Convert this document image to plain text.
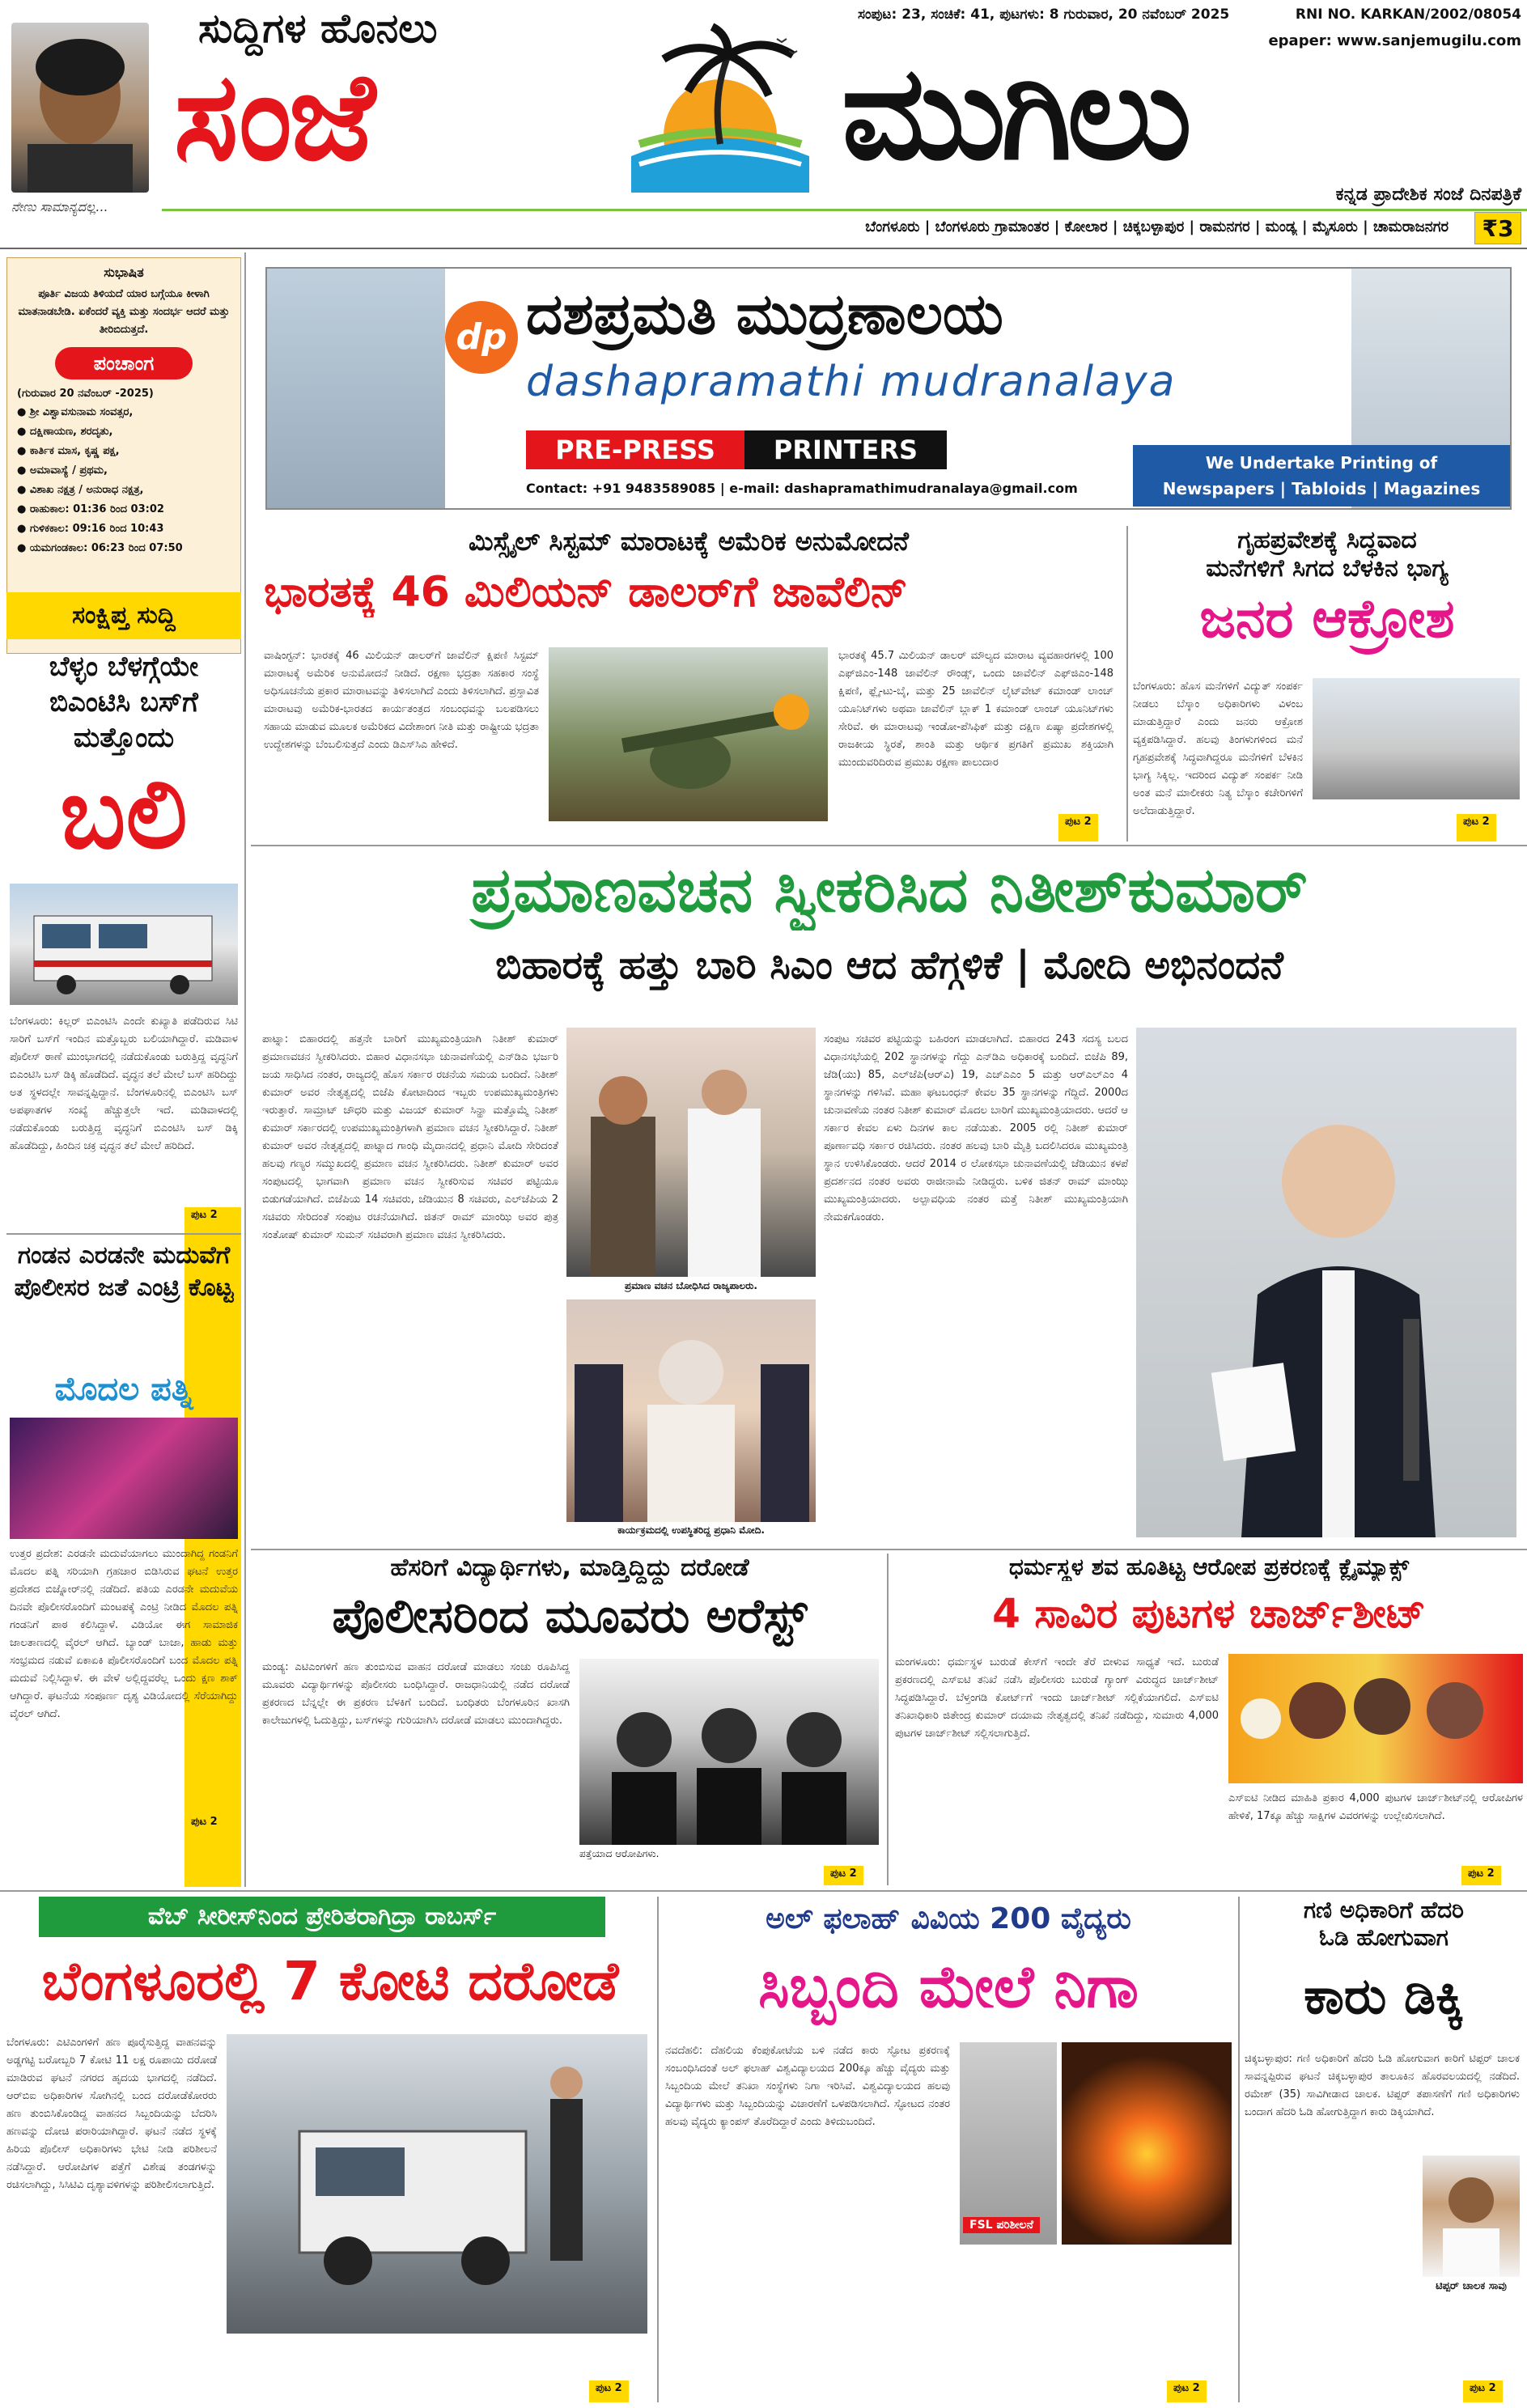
ನೇಣು ಸಾಮಾನ್ಯದಲ್ಲ...
ಸುದ್ದಿಗಳ ಹೊನಲು
ಸಂಜೆ	ಮುಗಿಲು
ಸಂಪುಟ: 23, ಸಂಚಿಕೆ: 41, ಪುಟಗಳು: 8 ಗುರುವಾರ, 20 ನವೆಂಬರ್ 2025	RNI NO. KARKAN/2002/08054
epaper: www.sanjemugilu.com
ಕನ್ನಡ ಪ್ರಾದೇಶಿಕ ಸಂಜೆ ದಿನಪತ್ರಿಕೆ
ಬೆಂಗಳೂರು | ಬೆಂಗಳೂರು ಗ್ರಾಮಾಂತರ | ಕೋಲಾರ | ಚಿಕ್ಕಬಳ್ಳಾಪುರ | ರಾಮನಗರ | ಮಂಡ್ಯ | ಮೈಸೂರು | ಚಾಮರಾಜನಗರ	₹3
ಸುಭಾಷಿತ
ಪೂರ್ತಿ ವಿಜಯ ತಿಳಿಯದೆ ಯಾರ ಬಗ್ಗೆಯೂ ಕೀಳಾಗಿ ಮಾತನಾಡಬೇಡಿ. ಏಕೆಂದರೆ ವ್ಯಕ್ತಿ ಮತ್ತು ಸಂದರ್ಭ ಆದರೆ ಮತ್ತು ತೀರಿಬಿದುತ್ತದೆ.
ಪಂಚಾಂಗ
(ಗುರುವಾರ 20 ನವೆಂಬರ್ -2025)
● ಶ್ರೀ ವಿಶ್ವಾವಸುನಾಮ ಸಂವತ್ಸರ,
● ದಕ್ಷಿಣಾಯಣ, ಶರದೃತು,
● ಕಾರ್ತಿಕ ಮಾಸ, ಕೃಷ್ಣ ಪಕ್ಷ,
● ಅಮಾವಾಸ್ಯೆ / ಪ್ರಥಮ,
● ವಿಶಾಖ ನಕ್ಷತ್ರ / ಅನುರಾಧ ನಕ್ಷತ್ರ,
● ರಾಹುಕಾಲ: 01:36 ರಿಂದ 03:02
● ಗುಳಿಕಕಾಲ: 09:16 ರಿಂದ 10:43
● ಯಮಗಂಡಕಾಲ: 06:23 ರಿಂದ 07:50
ಸಂಕ್ಷಿಪ್ತ ಸುದ್ದಿ
ಬೆಳ್ಳಂ ಬೆಳಗ್ಗೆಯೇ ಬಿಎಂಟಿಸಿ ಬಸ್‌ಗೆ ಮತ್ತೊಂದು
ಬಲಿ
ಬೆಂಗಳೂರು: ಕಿಲ್ಲರ್ ಬಿಎಂಟಿಸಿ ಎಂದೇ ಕುಖ್ಯಾತಿ ಪಡೆದಿರುವ ಸಿಟಿ ಸಾರಿಗೆ ಬಸ್‌ಗೆ ಇಂದಿನ ಮತ್ತೊಬ್ಬರು ಬಲಿಯಾಗಿದ್ದಾರೆ. ಮಡಿವಾಳ ಪೊಲೀಸ್ ಠಾಣೆ ಮುಂಭಾಗದಲ್ಲಿ ನಡೆದುಕೊಂಡು ಬರುತ್ತಿದ್ದ ವೃದ್ಧನಿಗೆ ಬಿಎಂಟಿಸಿ ಬಸ್ ಡಿಕ್ಕಿ ಹೊಡೆದಿದೆ. ವೃದ್ಧನ ತಲೆ ಮೇಲೆ ಬಸ್ ಹರಿದಿದ್ದು ಅತ ಸ್ಥಳದಲ್ಲೇ ಸಾವನ್ನಪ್ಪಿದ್ದಾನೆ. ಬೆಂಗಳೂರಿನಲ್ಲಿ ಬಿಎಂಟಿಸಿ ಬಸ್ ಅಪಘಾತಗಳ ಸಂಖ್ಯೆ ಹೆಚ್ಚುತ್ತಲೇ ಇದೆ. ಮಡಿವಾಳದಲ್ಲಿ ನಡೆದುಕೊಂಡು ಬರುತ್ತಿದ್ದ ವೃದ್ಧನಿಗೆ ಬಿಎಂಟಿಸಿ ಬಸ್ ಡಿಕ್ಕಿ ಹೊಡೆದಿದ್ದು, ಹಿಂದಿನ ಚಕ್ರ ವೃದ್ಧನ ತಲೆ ಮೇಲೆ ಹರಿದಿದೆ.
ಪುಟ 2
ಗಂಡನ ಎರಡನೇ ಮದುವೆಗೆ ಪೊಲೀಸರ ಜತೆ ಎಂಟ್ರಿ ಕೊಟ್ಟ
ಮೊದಲ ಪತ್ನಿ
ಉತ್ತರ ಪ್ರದೇಶ: ಎರಡನೇ ಮದುವೆಯಾಗಲು ಮುಂದಾಗಿದ್ದ ಗಂಡನಿಗೆ ಮೊದಲ ಪತ್ನಿ ಸರಿಯಾಗಿ ಗ್ರಹಚಾರ ಬಿಡಿಸಿರುವ ಘಟನೆ ಉತ್ತರ ಪ್ರದೇಶದ ಬಿಜ್ನೋರ್‌ನಲ್ಲಿ ನಡೆದಿದೆ. ಪತಿಯ ಎರಡನೇ ಮದುವೆಯ ದಿನವೇ ಪೊಲೀಸರೊಂದಿಗೆ ಮಂಟಪಕ್ಕೆ ಎಂಟ್ರಿ ನೀಡಿದ ಮೊದಲ ಪತ್ನಿ ಗಂಡನಿಗೆ ಪಾಠ ಕಲಿಸಿದ್ದಾಳೆ. ವಿಡಿಯೋ ಈಗ ಸಾಮಾಜಿಕ ಜಾಲತಾಣದಲ್ಲಿ ವೈರಲ್ ಆಗಿದೆ. ಬ್ಯಾಂಡ್ ಬಾಜಾ, ಹಾಡು ಮತ್ತು ಸಂಭ್ರಮದ ನಡುವೆ ಏಕಾಏಕಿ ಪೊಲೀಸರೊಂದಿಗೆ ಬಂದ ಮೊದಲ ಪತ್ನಿ ಮದುವೆ ನಿಲ್ಲಿಸಿದ್ದಾಳೆ. ಈ ವೇಳೆ ಅಲ್ಲಿದ್ದವರೆಲ್ಲ ಒಂದು ಕ್ಷಣ ಶಾಕ್ ಆಗಿದ್ದಾರೆ. ಘಟನೆಯ ಸಂಪೂರ್ಣ ದೃಶ್ಯ ವಿಡಿಯೋದಲ್ಲಿ ಸೆರೆಯಾಗಿದ್ದು ವೈರಲ್ ಆಗಿದೆ.
ಪುಟ 2
dp ದಶಪ್ರಮತಿ ಮುದ್ರಣಾಲಯ
dashapramathi mudranalaya
PRE-PRESS	PRINTERS	We Undertake Printing of
Newspapers | Tabloids | Magazines
Contact: +91 9483589085 | e-mail: dashapramathimudranalaya@gmail.com
ಮಿಸ್ಸೈಲ್ ಸಿಸ್ಟಮ್ ಮಾರಾಟಕ್ಕೆ ಅಮೆರಿಕ ಅನುಮೋದನೆ
ಭಾರತಕ್ಕೆ 46 ಮಿಲಿಯನ್ ಡಾಲರ್‌ಗೆ ಜಾವೆಲಿನ್
ವಾಷಿಂಗ್ಟನ್: ಭಾರತಕ್ಕೆ 46 ಮಿಲಿಯನ್ ಡಾಲರ್‌ಗೆ ಜಾವೆಲಿನ್ ಕ್ಷಿಪಣಿ ಸಿಸ್ಟಮ್ ಮಾರಾಟಕ್ಕೆ ಅಮೆರಿಕ ಅನುಮೋದನೆ ನೀಡಿದೆ. ರಕ್ಷಣಾ ಭದ್ರತಾ ಸಹಕಾರ ಸಂಸ್ಥೆ ಅಧಿಸೂಚನೆಯ ಪ್ರಕಾರ ಮಾರಾಟವನ್ನು ತಿಳಿಸಲಾಗಿದೆ ಎಂದು ತಿಳಿಸಲಾಗಿದೆ. ಪ್ರಸ್ತಾವಿತ ಮಾರಾಟವು ಅಮೆರಿಕ-ಭಾರತದ ಕಾರ್ಯತಂತ್ರದ ಸಂಬಂಧವನ್ನು ಬಲಪಡಿಸಲು ಸಹಾಯ ಮಾಡುವ ಮೂಲಕ ಅಮೆರಿಕದ ವಿದೇಶಾಂಗ ನೀತಿ ಮತ್ತು ರಾಷ್ಟ್ರೀಯ ಭದ್ರತಾ ಉದ್ದೇಶಗಳನ್ನು ಬೆಂಬಲಿಸುತ್ತದೆ ಎಂದು ಡಿಎಸ್‌ಸಿಎ ಹೇಳಿದೆ.
ಭಾರತಕ್ಕೆ 45.7 ಮಿಲಿಯನ್ ಡಾಲರ್ ಮೌಲ್ಯದ ಮಾರಾಟ ವ್ಯವಹಾರಗಳಲ್ಲಿ 100 ಎಫ್‌ಜಿಎಂ-148 ಜಾವೆಲಿನ್ ರೌಂಡ್ಸ್, ಒಂದು ಜಾವೆಲಿನ್ ಎಫ್‌ಜಿಎಂ-148 ಕ್ಷಿಪಣಿ, ಫ್ಲೈ-ಟು-ಬೈ, ಮತ್ತು 25 ಜಾವೆಲಿನ್ ಲೈಟ್‌ವೇಟ್ ಕಮಾಂಡ್ ಲಾಂಚ್ ಯೂನಿಟ್‌ಗಳು ಅಥವಾ ಜಾವೆಲಿನ್ ಬ್ಲಾಕ್ 1 ಕಮಾಂಡ್ ಲಾಂಚ್ ಯೂನಿಟ್‌ಗಳು ಸೇರಿವೆ. ಈ ಮಾರಾಟವು ಇಂಡೋ-ಪೆಸಿಫಿಕ್ ಮತ್ತು ದಕ್ಷಿಣ ಏಷ್ಯಾ ಪ್ರದೇಶಗಳಲ್ಲಿ ರಾಜಕೀಯ ಸ್ಥಿರತೆ, ಶಾಂತಿ ಮತ್ತು ಆರ್ಥಿಕ ಪ್ರಗತಿಗೆ ಪ್ರಮುಖ ಶಕ್ತಿಯಾಗಿ ಮುಂದುವರಿದಿರುವ ಪ್ರಮುಖ ರಕ್ಷಣಾ ಪಾಲುದಾರ
ಪುಟ 2
ಗೃಹಪ್ರವೇಶಕ್ಕೆ ಸಿದ್ಧವಾದ
ಮನೆಗಳಿಗೆ ಸಿಗದ ಬೆಳಕಿನ ಭಾಗ್ಯ
ಜನರ ಆಕ್ರೋಶ
ಬೆಂಗಳೂರು: ಹೊಸ ಮನೆಗಳಿಗೆ ವಿದ್ಯುತ್ ಸಂಪರ್ಕ ನೀಡಲು ಬೆಸ್ಕಾಂ ಅಧಿಕಾರಿಗಳು ವಿಳಂಬ ಮಾಡುತ್ತಿದ್ದಾರೆ ಎಂದು ಜನರು ಆಕ್ರೋಶ ವ್ಯಕ್ತಪಡಿಸಿದ್ದಾರೆ. ಹಲವು ತಿಂಗಳುಗಳಿಂದ ಮನೆ ಗೃಹಪ್ರವೇಶಕ್ಕೆ ಸಿದ್ಧವಾಗಿದ್ದರೂ ಮನೆಗಳಿಗೆ ಬೆಳಕಿನ ಭಾಗ್ಯ ಸಿಕ್ಕಿಲ್ಲ. ಇದರಿಂದ ವಿದ್ಯುತ್ ಸಂಪರ್ಕ ನೀಡಿ ಅಂತ ಮನೆ ಮಾಲೀಕರು ನಿತ್ಯ ಬೆಸ್ಕಾಂ ಕಚೇರಿಗಳಿಗೆ ಅಲೆದಾಡುತ್ತಿದ್ದಾರೆ.
ಪುಟ 2
ಪ್ರಮಾಣವಚನ ಸ್ವೀಕರಿಸಿದ ನಿತೀಶ್‌ಕುಮಾರ್
ಬಿಹಾರಕ್ಕೆ ಹತ್ತು ಬಾರಿ ಸಿಎಂ ಆದ ಹೆಗ್ಗಳಿಕೆ | ಮೋದಿ ಅಭಿನಂದನೆ
ಪಾಟ್ನಾ: ಬಿಹಾರದಲ್ಲಿ ಹತ್ತನೇ ಬಾರಿಗೆ ಮುಖ್ಯಮಂತ್ರಿಯಾಗಿ ನಿತೀಶ್ ಕುಮಾರ್ ಪ್ರಮಾಣವಚನ ಸ್ವೀಕರಿಸಿದರು. ಬಿಹಾರ ವಿಧಾನಸಭಾ ಚುನಾವಣೆಯಲ್ಲಿ ಎನ್‌ಡಿಎ ಭರ್ಜರಿ ಜಯ ಸಾಧಿಸಿದ ನಂತರ, ರಾಜ್ಯದಲ್ಲಿ ಹೊಸ ಸರ್ಕಾರ ರಚನೆಯ ಸಮಯ ಬಂದಿದೆ. ನಿತೀಶ್ ಕುಮಾರ್ ಅವರ ನೇತೃತ್ವದಲ್ಲಿ ಬಿಜೆಪಿ ಕೋಟಾದಿಂದ ಇಬ್ಬರು ಉಪಮುಖ್ಯಮಂತ್ರಿಗಳು ಇರುತ್ತಾರೆ. ಸಾಮ್ರಾಟ್ ಚೌಧರಿ ಮತ್ತು ವಿಜಯ್ ಕುಮಾರ್ ಸಿನ್ಹಾ ಮತ್ತೊಮ್ಮೆ ನಿತೀಶ್ ಕುಮಾರ್ ಸರ್ಕಾರದಲ್ಲಿ ಉಪಮುಖ್ಯಮಂತ್ರಿಗಳಾಗಿ ಪ್ರಮಾಣ ವಚನ ಸ್ವೀಕರಿಸಿದ್ದಾರೆ. ನಿತೀಶ್ ಕುಮಾರ್ ಅವರ ನೇತೃತ್ವದಲ್ಲಿ ಪಾಟ್ನಾದ ಗಾಂಧಿ ಮೈದಾನದಲ್ಲಿ ಪ್ರಧಾನಿ ಮೋದಿ ಸೇರಿದಂತೆ ಹಲವು ಗಣ್ಯರ ಸಮ್ಮುಖದಲ್ಲಿ ಪ್ರಮಾಣ ವಚನ ಸ್ವೀಕರಿಸಿದರು. ನಿತೀಶ್ ಕುಮಾರ್ ಅವರ ಸಂಪುಟದಲ್ಲಿ ಭಾಗವಾಗಿ ಪ್ರಮಾಣ ವಚನ ಸ್ವೀಕರಿಸುವ ಸಚಿವರ ಪಟ್ಟಿಯೂ ಬಿಡುಗಡೆಯಾಗಿದೆ. ಬಿಜೆಪಿಯ 14 ಸಚಿವರು, ಜೆಡಿಯುನ 8 ಸಚಿವರು, ಎಲ್‌ಜೆಪಿಯ 2 ಸಚಿವರು ಸೇರಿದಂತೆ ಸಂಪುಟ ರಚನೆಯಾಗಿದೆ. ಜಿತನ್ ರಾಮ್ ಮಾಂಝಿ ಅವರ ಪುತ್ರ ಸಂತೋಷ್ ಕುಮಾರ್ ಸುಮನ್ ಸಚಿವರಾಗಿ ಪ್ರಮಾಣ ವಚನ ಸ್ವೀಕರಿಸಿದರು.
ಪ್ರಮಾಣ ವಚನ ಬೋಧಿಸಿದ ರಾಜ್ಯಪಾಲರು.
ಕಾರ್ಯಕ್ರಮದಲ್ಲಿ ಉಪಸ್ಥಿತರಿದ್ದ ಪ್ರಧಾನಿ ಮೋದಿ.
ಸಂಪುಟ ಸಚಿವರ ಪಟ್ಟಿಯನ್ನು ಬಹಿರಂಗ ಮಾಡಲಾಗಿದೆ. ಬಿಹಾರದ 243 ಸದಸ್ಯ ಬಲದ ವಿಧಾನಸಭೆಯಲ್ಲಿ 202 ಸ್ಥಾನಗಳನ್ನು ಗೆದ್ದು ಎನ್‌ಡಿಎ ಅಧಿಕಾರಕ್ಕೆ ಬಂದಿದೆ. ಬಿಜೆಪಿ 89, ಜೆಡಿ(ಯು) 85, ಎಲ್‌ಜೆಪಿ(ಆರ್‌ವಿ) 19, ಎಚ್‌ಎಎಂ 5 ಮತ್ತು ಆರ್‌ಎಲ್‌ಎಂ 4 ಸ್ಥಾನಗಳನ್ನು ಗಳಿಸಿವೆ. ಮಹಾ ಘಟಬಂಧನ್ ಕೇವಲ 35 ಸ್ಥಾನಗಳನ್ನು ಗೆದ್ದಿದೆ. 2000ದ ಚುನಾವಣೆಯ ನಂತರ ನಿತೀಶ್ ಕುಮಾರ್ ಮೊದಲ ಬಾರಿಗೆ ಮುಖ್ಯಮಂತ್ರಿಯಾದರು. ಆದರೆ ಆ ಸರ್ಕಾರ ಕೇವಲ ಏಳು ದಿನಗಳ ಕಾಲ ನಡೆಯಿತು. 2005 ರಲ್ಲಿ ನಿತೀಶ್ ಕುಮಾರ್ ಪೂರ್ಣಾವಧಿ ಸರ್ಕಾರ ರಚಿಸಿದರು. ನಂತರ ಹಲವು ಬಾರಿ ಮೈತ್ರಿ ಬದಲಿಸಿದರೂ ಮುಖ್ಯಮಂತ್ರಿ ಸ್ಥಾನ ಉಳಿಸಿಕೊಂಡರು. ಆದರೆ 2014 ರ ಲೋಕಸಭಾ ಚುನಾವಣೆಯಲ್ಲಿ ಜೆಡಿಯುನ ಕಳಪೆ ಪ್ರದರ್ಶನದ ನಂತರ ಅವರು ರಾಜೀನಾಮೆ ನೀಡಿದ್ದರು. ಬಳಿಕ ಜಿತನ್ ರಾಮ್ ಮಾಂಝಿ ಮುಖ್ಯಮಂತ್ರಿಯಾದರು. ಅಲ್ಪಾವಧಿಯ ನಂತರ ಮತ್ತೆ ನಿತೀಶ್ ಮುಖ್ಯಮಂತ್ರಿಯಾಗಿ ನೇಮಕಗೊಂಡರು.
ಹೆಸರಿಗೆ ವಿದ್ಯಾರ್ಥಿಗಳು, ಮಾಡ್ತಿದ್ದಿದ್ದು ದರೋಡೆ
ಪೊಲೀಸರಿಂದ ಮೂವರು ಅರೆಸ್ಟ್
ಮಂಡ್ಯ: ಎಟಿಎಂಗಳಿಗೆ ಹಣ ತುಂಬಿಸುವ ವಾಹನ ದರೋಡೆ ಮಾಡಲು ಸಂಚು ರೂಪಿಸಿದ್ದ ಮೂವರು ವಿದ್ಯಾರ್ಥಿಗಳನ್ನು ಪೊಲೀಸರು ಬಂಧಿಸಿದ್ದಾರೆ. ರಾಜಧಾನಿಯಲ್ಲಿ ನಡೆದ ದರೋಡೆ ಪ್ರಕರಣದ ಬೆನ್ನಲ್ಲೇ ಈ ಪ್ರಕರಣ ಬೆಳಕಿಗೆ ಬಂದಿದೆ. ಬಂಧಿತರು ಬೆಂಗಳೂರಿನ ಖಾಸಗಿ ಕಾಲೇಜುಗಳಲ್ಲಿ ಓದುತ್ತಿದ್ದು, ಬಸ್‌ಗಳನ್ನು ಗುರಿಯಾಗಿಸಿ ದರೋಡೆ ಮಾಡಲು ಮುಂದಾಗಿದ್ದರು.
ಪತ್ತೆಯಾದ ಆರೋಪಿಗಳು.
ಪುಟ 2
ಧರ್ಮಸ್ಥಳ ಶವ ಹೂತಿಟ್ಟ ಆರೋಪ ಪ್ರಕರಣಕ್ಕೆ ಕ್ಲೈಮ್ಯಾಕ್ಸ್
4 ಸಾವಿರ ಪುಟಗಳ ಚಾರ್ಜ್‌ಶೀಟ್
ಮಂಗಳೂರು: ಧರ್ಮಸ್ಥಳ ಬುರುಡೆ ಕೇಸ್‌ಗೆ ಇಂದೇ ತೆರೆ ಬೀಳುವ ಸಾಧ್ಯತೆ ಇದೆ. ಬುರುಡೆ ಪ್ರಕರಣದಲ್ಲಿ ಎಸ್‌ಐಟಿ ತನಿಖೆ ನಡೆಸಿ ಪೊಲೀಸರು ಬುರುಡೆ ಗ್ಯಾಂಗ್ ವಿರುದ್ಧದ ಚಾರ್ಜ್‌ಶೀಟ್ ಸಿದ್ಧಪಡಿಸಿದ್ದಾರೆ. ಬೆಳ್ತಂಗಡಿ ಕೋರ್ಟ್‌ಗೆ ಇಂದು ಚಾರ್ಜ್‌ಶೀಟ್ ಸಲ್ಲಿಕೆಯಾಗಲಿದೆ. ಎಸ್‌ಐಟಿ ತನಿಖಾಧಿಕಾರಿ ಜಿತೇಂದ್ರ ಕುಮಾರ್ ದಯಾಮ ನೇತೃತ್ವದಲ್ಲಿ ತನಿಖೆ ನಡೆದಿದ್ದು, ಸುಮಾರು 4,000 ಪುಟಗಳ ಚಾರ್ಜ್‌ಶೀಟ್ ಸಲ್ಲಿಸಲಾಗುತ್ತಿದೆ.
ಎಸ್‌ಐಟಿ ನೀಡಿದ ಮಾಹಿತಿ ಪ್ರಕಾರ 4,000 ಪುಟಗಳ ಚಾರ್ಜ್‌ಶೀಟ್‌ನಲ್ಲಿ ಆರೋಪಿಗಳ ಹೇಳಿಕೆ, 17ಕ್ಕೂ ಹೆಚ್ಚು ಸಾಕ್ಷಿಗಳ ವಿವರಗಳನ್ನು ಉಲ್ಲೇಖಿಸಲಾಗಿದೆ.
ಪುಟ 2
ವೆಬ್ ಸೀರೀಸ್‌ನಿಂದ ಪ್ರೇರಿತರಾಗಿದ್ರಾ ರಾಬರ್ಸ್
ಬೆಂಗಳೂರಲ್ಲಿ 7 ಕೋಟಿ ದರೋಡೆ
ಬೆಂಗಳೂರು: ಎಟಿಎಂಗಳಿಗೆ ಹಣ ಪೂರೈಸುತ್ತಿದ್ದ ವಾಹನವನ್ನು ಅಡ್ಡಗಟ್ಟಿ ಬರೋಬ್ಬರಿ 7 ಕೋಟಿ 11 ಲಕ್ಷ ರೂಪಾಯಿ ದರೋಡೆ ಮಾಡಿರುವ ಘಟನೆ ನಗರದ ಹೃದಯ ಭಾಗದಲ್ಲಿ ನಡೆದಿದೆ. ಆರ್‌ಬಿಐ ಅಧಿಕಾರಿಗಳ ಸೋಗಿನಲ್ಲಿ ಬಂದ ದರೋಡೆಕೋರರು ಹಣ ತುಂಬಿಸಿಕೊಂಡಿದ್ದ ವಾಹನದ ಸಿಬ್ಬಂದಿಯನ್ನು ಬೆದರಿಸಿ ಹಣವನ್ನು ದೋಚಿ ಪರಾರಿಯಾಗಿದ್ದಾರೆ. ಘಟನೆ ನಡೆದ ಸ್ಥಳಕ್ಕೆ ಹಿರಿಯ ಪೊಲೀಸ್ ಅಧಿಕಾರಿಗಳು ಭೇಟಿ ನೀಡಿ ಪರಿಶೀಲನೆ ನಡೆಸಿದ್ದಾರೆ. ಆರೋಪಿಗಳ ಪತ್ತೆಗೆ ವಿಶೇಷ ತಂಡಗಳನ್ನು ರಚಿಸಲಾಗಿದ್ದು, ಸಿಸಿಟಿವಿ ದೃಶ್ಯಾವಳಿಗಳನ್ನು ಪರಿಶೀಲಿಸಲಾಗುತ್ತಿದೆ.
ಪುಟ 2
ಅಲ್ ಫಲಾಹ್ ವಿವಿಯ 200 ವೈದ್ಯರು
ಸಿಬ್ಬಂದಿ ಮೇಲೆ ನಿಗಾ
ನವದೆಹಲಿ: ದೆಹಲಿಯ ಕೆಂಪುಕೋಟೆಯ ಬಳಿ ನಡೆದ ಕಾರು ಸ್ಫೋಟ ಪ್ರಕರಣಕ್ಕೆ ಸಂಬಂಧಿಸಿದಂತೆ ಅಲ್ ಫಲಾಹ್ ವಿಶ್ವವಿದ್ಯಾಲಯದ 200ಕ್ಕೂ ಹೆಚ್ಚು ವೈದ್ಯರು ಮತ್ತು ಸಿಬ್ಬಂದಿಯ ಮೇಲೆ ತನಿಖಾ ಸಂಸ್ಥೆಗಳು ನಿಗಾ ಇರಿಸಿವೆ. ವಿಶ್ವವಿದ್ಯಾಲಯದ ಹಲವು ವಿದ್ಯಾರ್ಥಿಗಳು ಮತ್ತು ಸಿಬ್ಬಂದಿಯನ್ನು ವಿಚಾರಣೆಗೆ ಒಳಪಡಿಸಲಾಗಿದೆ. ಸ್ಫೋಟದ ನಂತರ ಹಲವು ವೈದ್ಯರು ಕ್ಯಾಂಪಸ್ ತೊರೆದಿದ್ದಾರೆ ಎಂದು ತಿಳಿದುಬಂದಿದೆ.
FSL ಪರಿಶೀಲನೆ
ಪುಟ 2
ಗಣಿ ಅಧಿಕಾರಿಗೆ ಹೆದರಿ
ಓಡಿ ಹೋಗುವಾಗ
ಕಾರು ಡಿಕ್ಕಿ
ಚಿಕ್ಕಬಳ್ಳಾಪುರ: ಗಣಿ ಅಧಿಕಾರಿಗೆ ಹೆದರಿ ಓಡಿ ಹೋಗುವಾಗ ಕಾರಿಗೆ ಟಿಪ್ಪರ್ ಚಾಲಕ ಸಾವನ್ನಪ್ಪಿರುವ ಘಟನೆ ಚಿಕ್ಕಬಳ್ಳಾಪುರ ತಾಲೂಕಿನ ಹೊರವಲಯದಲ್ಲಿ ನಡೆದಿದೆ. ರಮೇಶ್ (35) ಸಾವಿಗೀಡಾದ ಚಾಲಕ. ಟಿಪ್ಪರ್ ತಪಾಸಣೆಗೆ ಗಣಿ ಅಧಿಕಾರಿಗಳು ಬಂದಾಗ ಹೆದರಿ ಓಡಿ ಹೋಗುತ್ತಿದ್ದಾಗ ಕಾರು ಡಿಕ್ಕಿಯಾಗಿದೆ.
ಟಿಪ್ಪರ್ ಚಾಲಕ ಸಾವು
ಪುಟ 2
